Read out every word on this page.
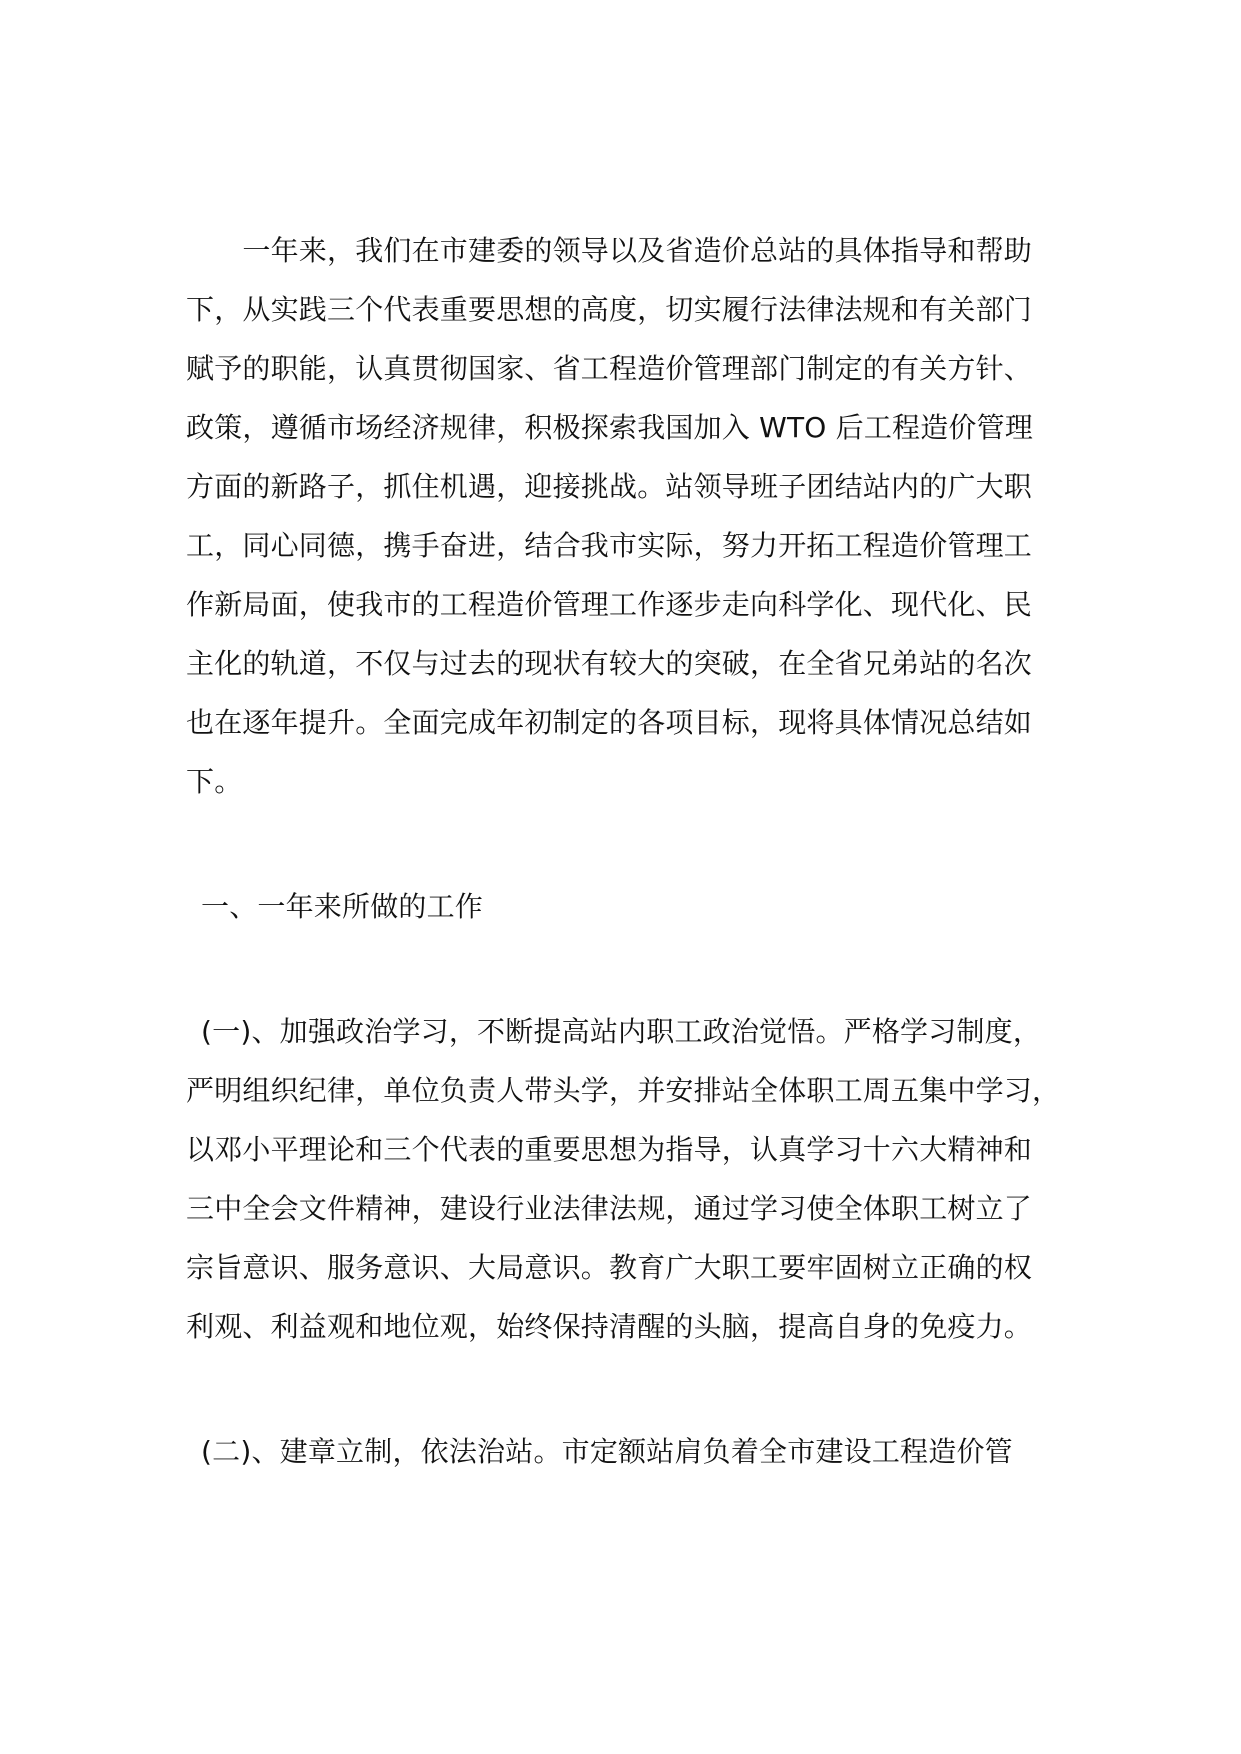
　　一年来，我们在市建委的领导以及省造价总站的具体指导和帮助
下，从实践三个代表重要思想的高度，切实履行法律法规和有关部门
赋予的职能，认真贯彻国家、省工程造价管理部门制定的有关方针、
政策，遵循市场经济规律，积极探索我国加入 WTO 后工程造价管理
方面的新路子，抓住机遇，迎接挑战。站领导班子团结站内的广大职
工，同心同德，携手奋进，结合我市实际，努力开拓工程造价管理工
作新局面，使我市的工程造价管理工作逐步走向科学化、现代化、民
主化的轨道，不仅与过去的现状有较大的突破，在全省兄弟站的名次
也在逐年提升。全面完成年初制定的各项目标，现将具体情况总结如
下。
一、一年来所做的工作
(一)、加强政治学习，不断提高站内职工政治觉悟。严格学习制度，
严明组织纪律，单位负责人带头学，并安排站全体职工周五集中学习，
以邓小平理论和三个代表的重要思想为指导，认真学习十六大精神和
三中全会文件精神，建设行业法律法规，通过学习使全体职工树立了
宗旨意识、服务意识、大局意识。教育广大职工要牢固树立正确的权
利观、利益观和地位观，始终保持清醒的头脑，提高自身的免疫力。
(二)、建章立制，依法治站。市定额站肩负着全市建设工程造价管
